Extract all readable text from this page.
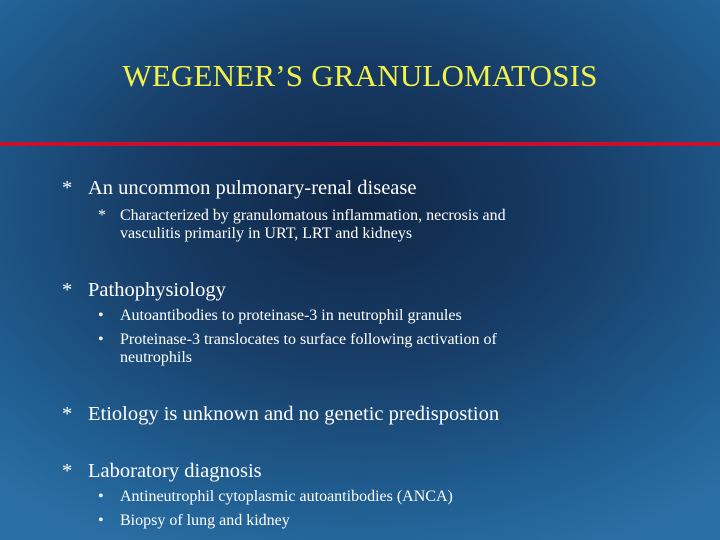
WEGENER’S GRANULOMATOSIS
* An uncommon pulmonary-renal disease
* Characterized by granulomatous inflammation, necrosis and
vasculitis primarily in URT, LRT and kidneys
* Pathophysiology
• Autoantibodies to proteinase-3 in neutrophil granules
• Proteinase-3 translocates to surface following activation of
neutrophils
* Etiology is unknown and no genetic predispostion
* Laboratory diagnosis
• Antineutrophil cytoplasmic autoantibodies (ANCA)
• Biopsy of lung and kidney
